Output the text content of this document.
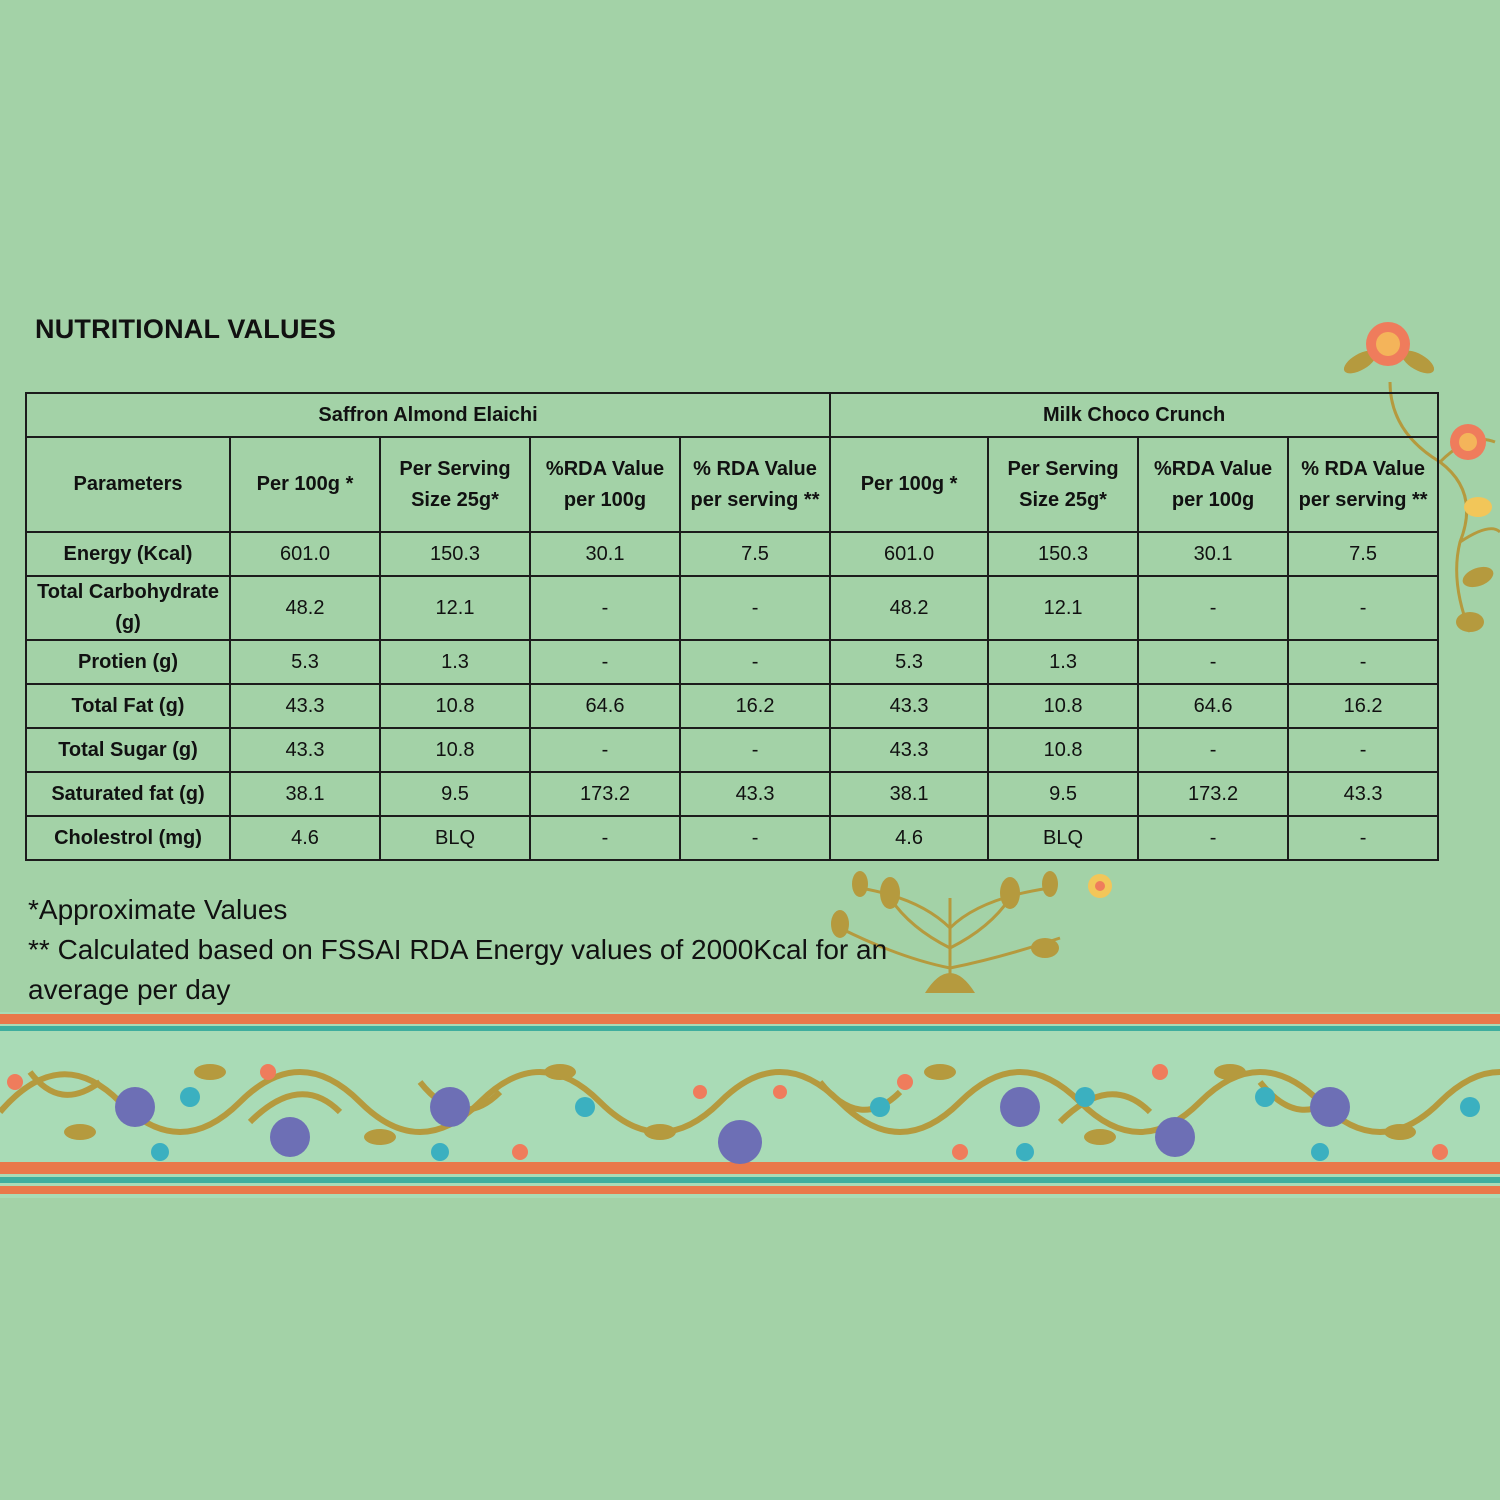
NUTRITIONAL VALUES
Saffron Almond Elaichi					Milk Choco Crunch			
Parameters	Per 100g *	Per Serving Size 25g*	%RDA Value per 100g	% RDA Value per serving **	Per 100g *	Per Serving Size 25g*	%RDA Value per 100g	% RDA Value per serving **
Energy (Kcal)	601.0	150.3	30.1	7.5	601.0	150.3	30.1	7.5
Total Carbohydrate (g)	48.2	12.1	-	-	48.2	12.1	-	-
Protien (g)	5.3	1.3	-	-	5.3	1.3	-	-
Total Fat (g)	43.3	10.8	64.6	16.2	43.3	10.8	64.6	16.2
Total Sugar (g)	43.3	10.8	-	-	43.3	10.8	-	-
Saturated fat (g)	38.1	9.5	173.2	43.3	38.1	9.5	173.2	43.3
Cholestrol (mg)	4.6	BLQ	-	-	4.6	BLQ	-	-
*Approximate Values
** Calculated based on FSSAI RDA Energy values of 2000Kcal for an average per day
